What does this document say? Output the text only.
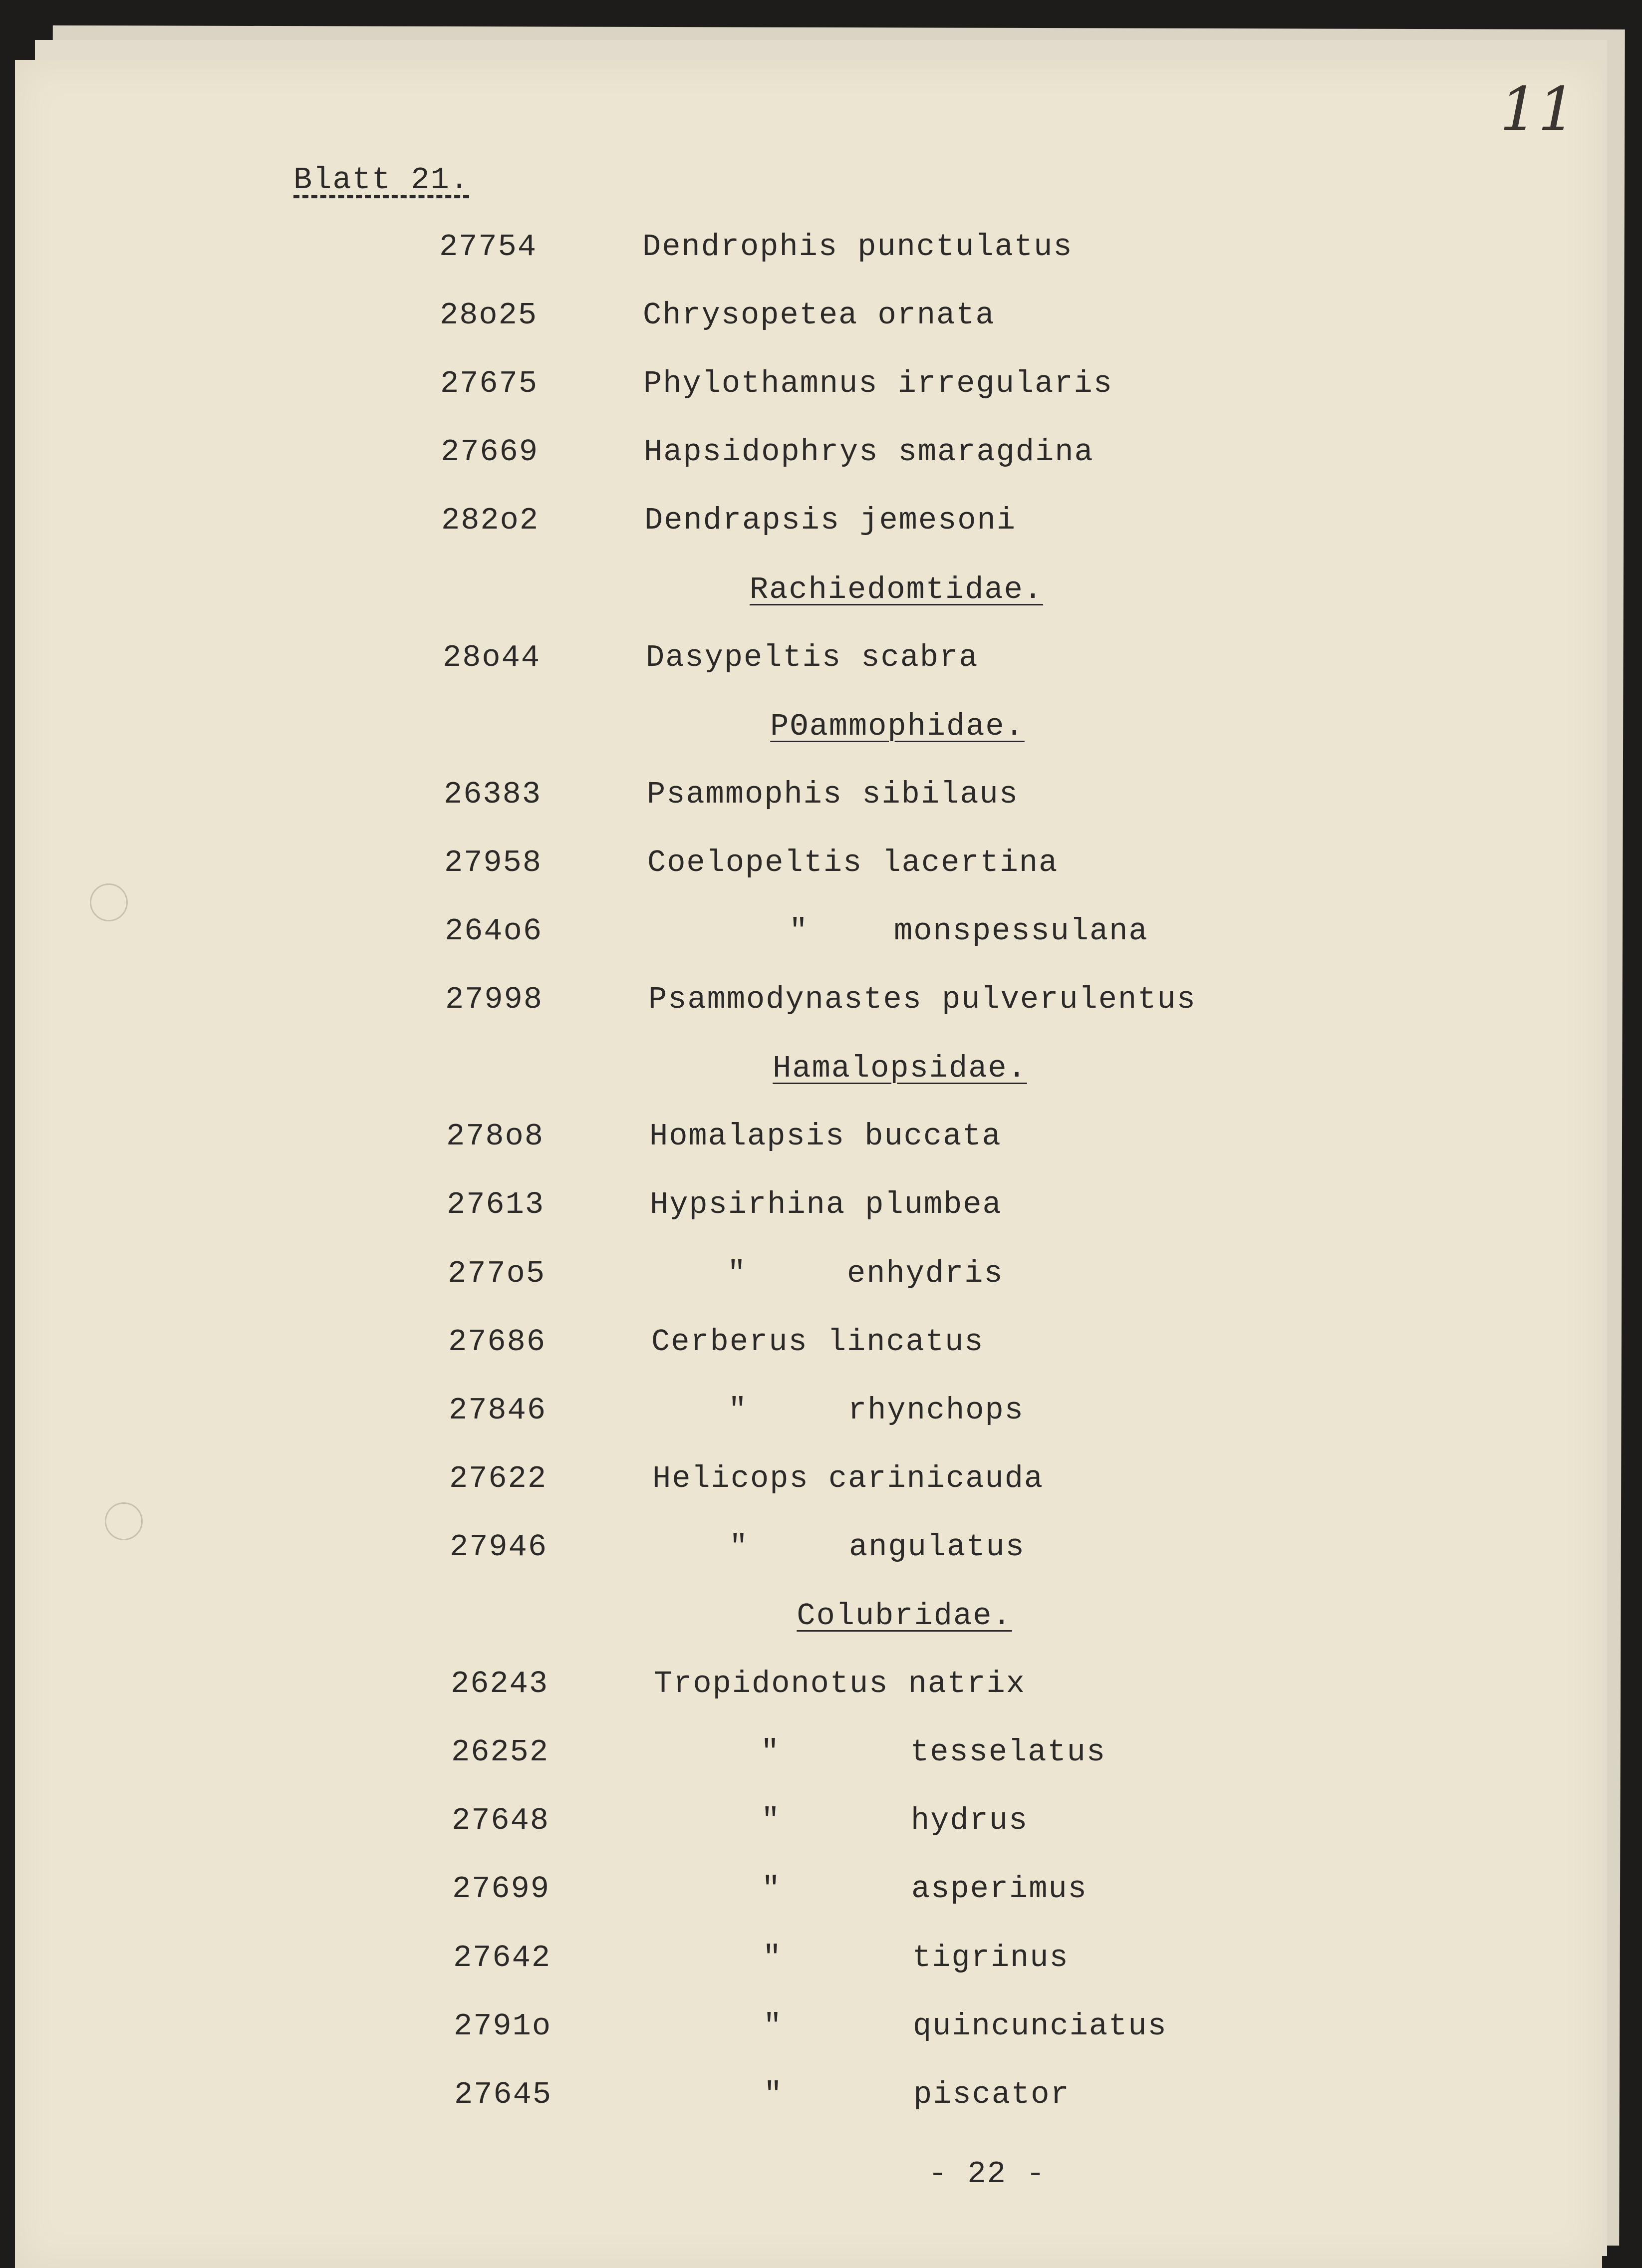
11
Blatt 21.
27754	Dendrophis punctulatus
28o25	Chrysopetea ornata
27675	Phylothamnus irregularis
27669	Hapsidophrys smaragdina
282o2	Dendrapsis jemesoni
Rachiedomtidae.
28o44	Dasypeltis scabra
PΘammophidae.
26383	Psammophis sibilaus
27958	Coelopeltis lacertina
264o6	"	monspessulana
27998	Psammodynastes pulverulentus
Hamalopsidae.
278o8	Homalapsis buccata
27613	Hypsirhina plumbea
277o5	"	enhydris
27686	Cerberus lincatus
27846	"	rhynchops
27622	Helicops carinicauda
27946	"	angulatus
Colubridae.
26243	Tropidonotus natrix
26252	"	tesselatus
27648	"	hydrus
27699	"	asperimus
27642	"	tigrinus
2791o	"	quincunciatus
27645	"	piscator
- 22 -
